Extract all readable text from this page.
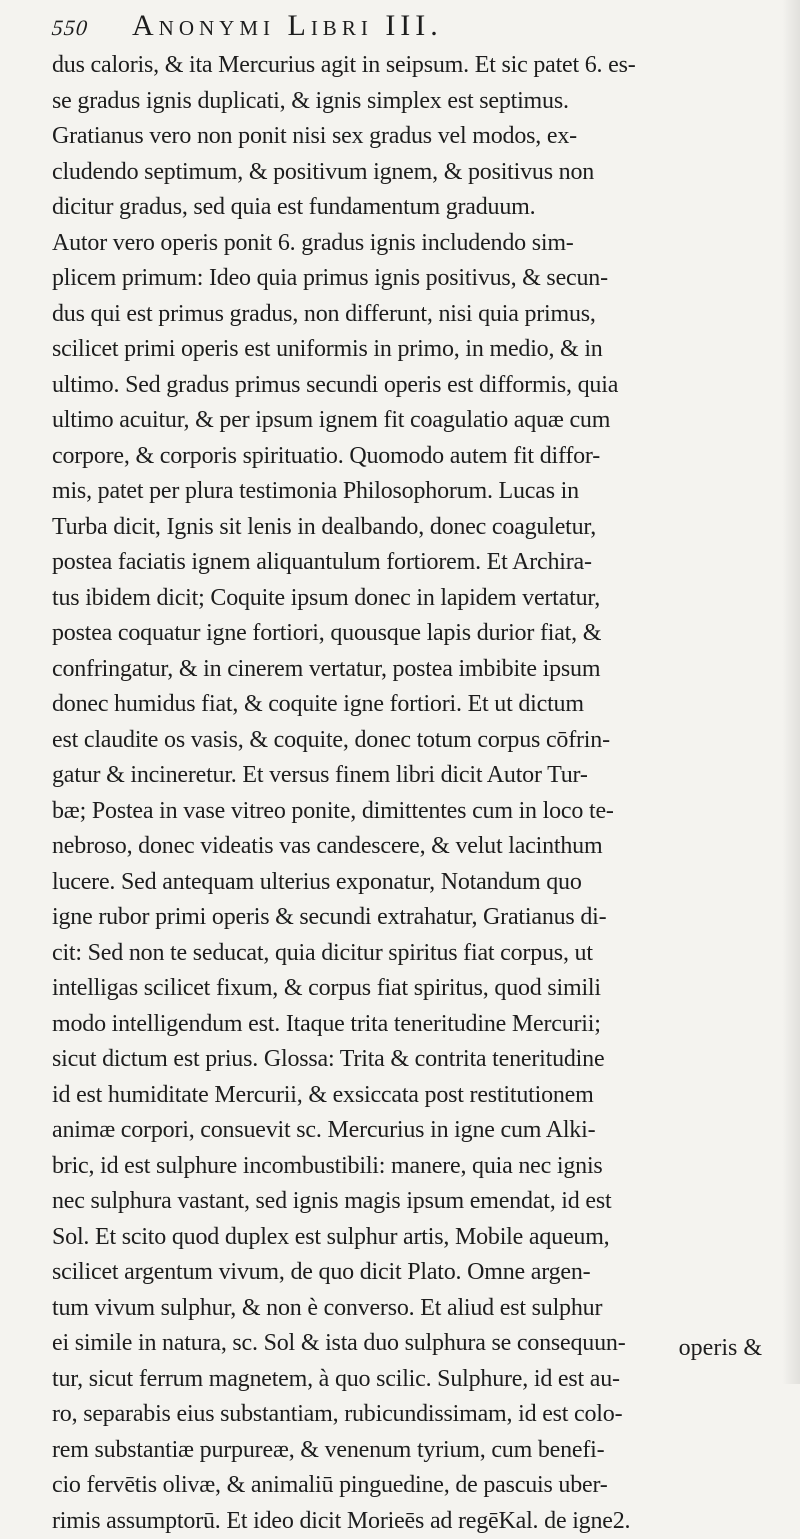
550	Anonymi Libri III.

dus caloris, & ita Mercurius agit in seipsum. Et sic patet 6. es-
se gradus ignis duplicati, & ignis simplex est septimus.
Gratianus vero non ponit nisi sex gradus vel modos, ex-
cludendo septimum, & positivum ignem, & positivus non
dicitur gradus, sed quia est fundamentum graduum.
Autor vero operis ponit 6. gradus ignis includendo sim-
plicem primum: Ideo quia primus ignis positivus, & secun-
dus qui est primus gradus, non differunt, nisi quia primus,
scilicet primi operis est uniformis in primo, in medio, & in
ultimo. Sed gradus primus secundi operis est difformis, quia
ultimo acuitur, & per ipsum ignem fit coagulatio aquæ cum
corpore, & corporis spirituatio. Quomodo autem fit diffor-
mis, patet per plura testimonia Philosophorum. Lucas in
Turba dicit, Ignis sit lenis in dealbando, donec coaguletur,
postea faciatis ignem aliquantulum fortiorem. Et Archira-
tus ibidem dicit; Coquite ipsum donec in lapidem vertatur,
postea coquatur igne fortiori, quousque lapis durior fiat, &
confringatur, & in cinerem vertatur, postea imbibite ipsum
donec humidus fiat, & coquite igne fortiori. Et ut dictum
est claudite os vasis, & coquite, donec totum corpus cōfrin-
gatur & incineretur. Et versus finem libri dicit Autor Tur-
bæ; Postea in vase vitreo ponite, dimittentes cum in loco te-
nebroso, donec videatis vas candescere, & velut lacinthum
lucere. Sed antequam ulterius exponatur, Notandum quo
igne rubor primi operis & secundi extrahatur, Gratianus di-
cit: Sed non te seducat, quia dicitur spiritus fiat corpus, ut
intelligas scilicet fixum, & corpus fiat spiritus, quod simili
modo intelligendum est. Itaque trita teneritudine Mercurii;
sicut dictum est prius. Glossa: Trita & contrita teneritudine
id est humiditate Mercurii, & exsiccata post restitutionem
animæ corpori, consuevit sc. Mercurius in igne cum Alki-
bric, id est sulphure incombustibili: manere, quia nec ignis
nec sulphura vastant, sed ignis magis ipsum emendat, id est
Sol. Et scito quod duplex est sulphur artis, Mobile aqueum,
scilicet argentum vivum, de quo dicit Plato. Omne argen-
tum vivum sulphur, & non è converso. Et aliud est sulphur
ei simile in natura, sc. Sol & ista duo sulphura se consequun-
tur, sicut ferrum magnetem, à quo scilic. Sulphure, id est au-
ro, separabis eius substantiam, rubicundissimam, id est colo-
rem substantiæ purpureæ, & venenum tyrium, cum benefi-
cio fervētis olivæ, & animaliū pinguedine, de pascuis uber-
rimis assumptorū. Et ideo dicit Morieēs ad regēKal. de igne2.

operis &
